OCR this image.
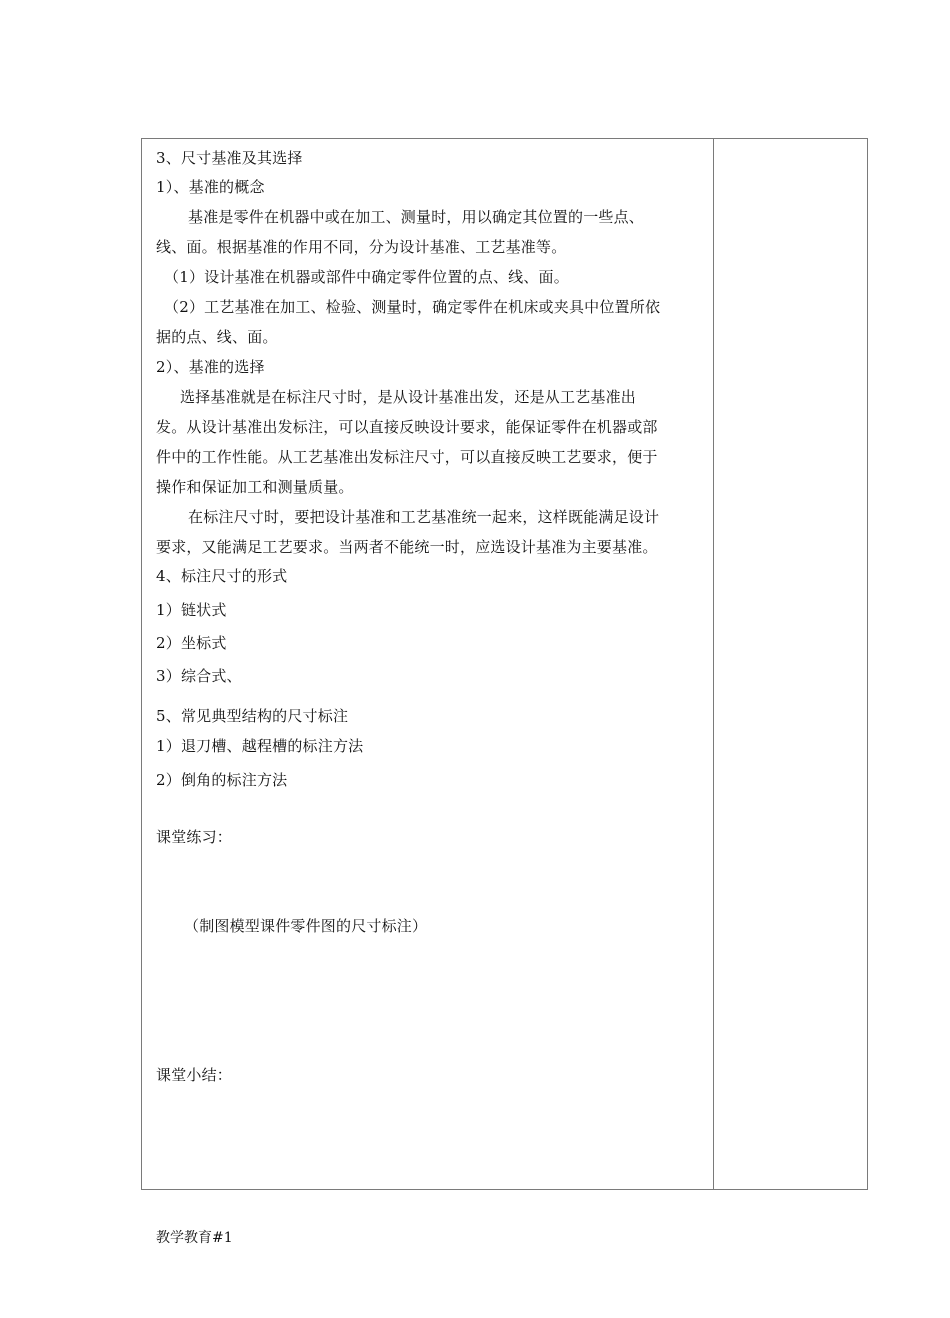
3、尺寸基准及其选择
1）、基准的概念
基准是零件在机器中或在加工、测量时，用以确定其位置的一些点、
线、面。根据基准的作用不同，分为设计基准、工艺基准等。
（1）设计基准在机器或部件中确定零件位置的点、线、面。
（2）工艺基准在加工、检验、测量时，确定零件在机床或夹具中位置所依
据的点、线、面。
2）、基准的选择
选择基准就是在标注尺寸时，是从设计基准出发，还是从工艺基准出
发。从设计基准出发标注，可以直接反映设计要求，能保证零件在机器或部
件中的工作性能。从工艺基准出发标注尺寸，可以直接反映工艺要求，便于
操作和保证加工和测量质量。
在标注尺寸时，要把设计基准和工艺基准统一起来，这样既能满足设计
要求，又能满足工艺要求。当两者不能统一时，应选设计基准为主要基准。
4、标注尺寸的形式
1）链状式
2）坐标式
3）综合式、
5、常见典型结构的尺寸标注
1）退刀槽、越程槽的标注方法
2）倒角的标注方法
课堂练习：
（制图模型课件零件图的尺寸标注）
课堂小结：
教学教育#1
